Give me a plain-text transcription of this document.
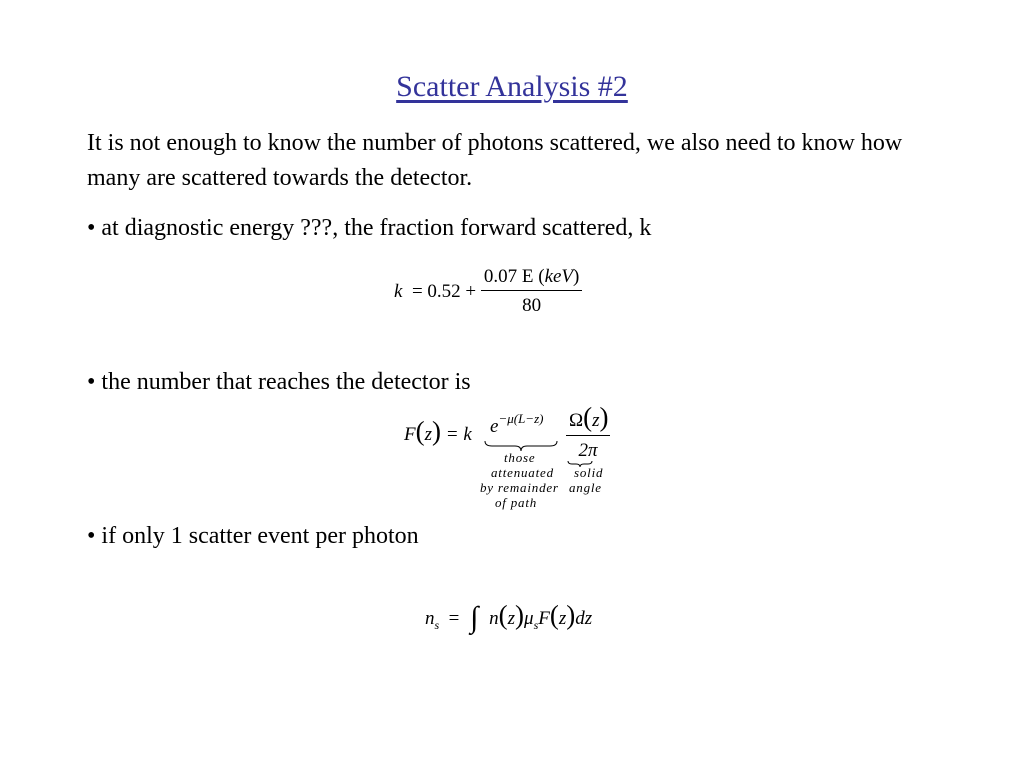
Scatter Analysis #2
It is not enough to know the number of photons scattered, we also need to know how many are scattered towards the detector.
• at diagnostic energy ???, the fraction forward scattered, k
$k = 0.52 + \frac{\text{0.07 E (keV)}}{80}$
• the number that reaches the detector is
F(z) = k $e^{-\mu(L-z)} \frac{\Omega(z)}{2\pi}$
those
attenuated
by remainder
of path
solid
angle
• if only 1 scatter event per photon
$n_s$ = ∫ $n(z)\mu_sF(z)dz$
